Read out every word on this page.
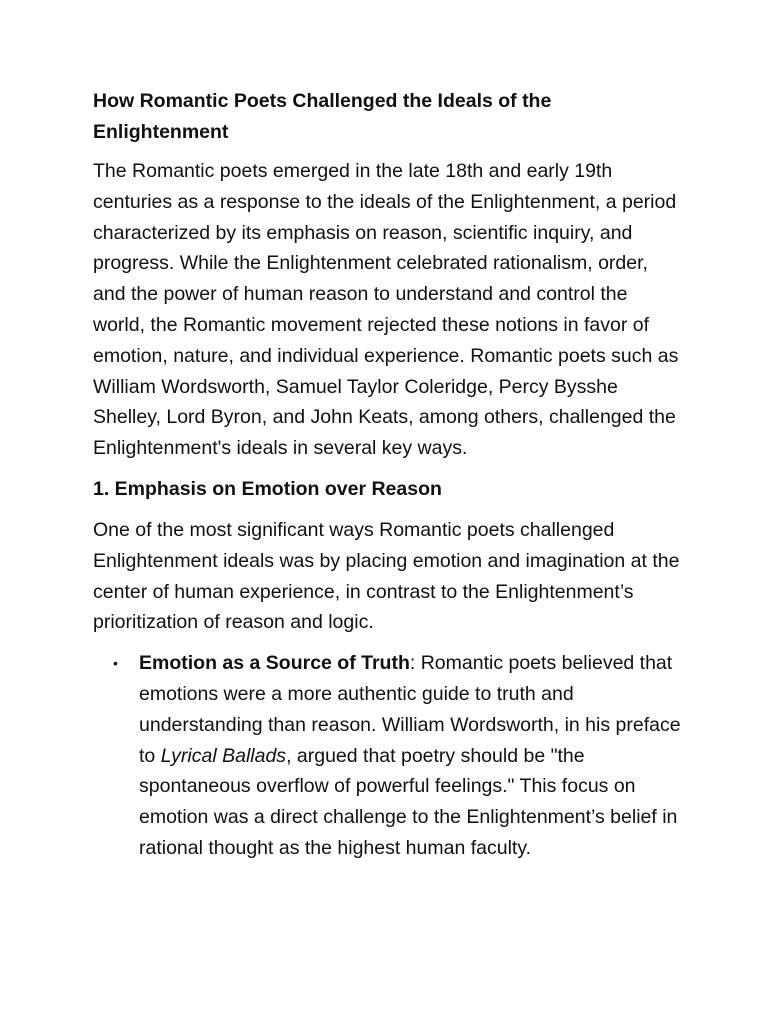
How Romantic Poets Challenged the Ideals of the Enlightenment

The Romantic poets emerged in the late 18th and early 19th centuries as a response to the ideals of the Enlightenment, a period characterized by its emphasis on reason, scientific inquiry, and progress. While the Enlightenment celebrated rationalism, order, and the power of human reason to understand and control the world, the Romantic movement rejected these notions in favor of emotion, nature, and individual experience. Romantic poets such as William Wordsworth, Samuel Taylor Coleridge, Percy Bysshe Shelley, Lord Byron, and John Keats, among others, challenged the Enlightenment's ideals in several key ways.

1. Emphasis on Emotion over Reason

One of the most significant ways Romantic poets challenged Enlightenment ideals was by placing emotion and imagination at the center of human experience, in contrast to the Enlightenment’s prioritization of reason and logic.

• Emotion as a Source of Truth: Romantic poets believed that emotions were a more authentic guide to truth and understanding than reason. William Wordsworth, in his preface to Lyrical Ballads, argued that poetry should be "the spontaneous overflow of powerful feelings." This focus on emotion was a direct challenge to the Enlightenment’s belief in rational thought as the highest human faculty.
